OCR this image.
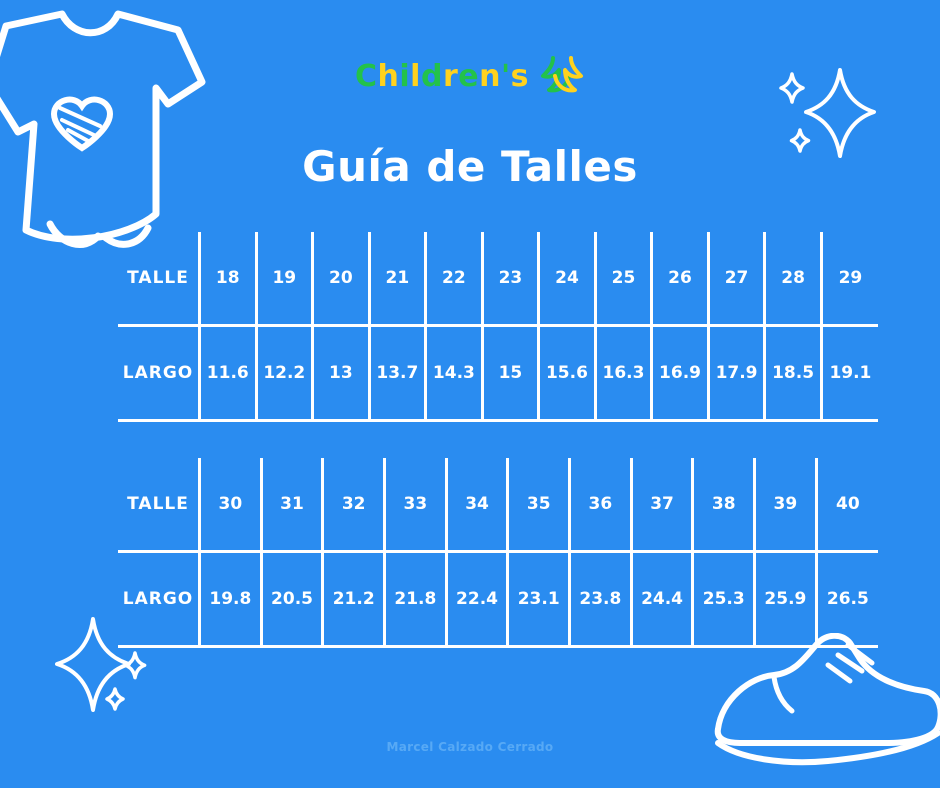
Children's
Guía de Talles
TALLE	18	19	20	21	22	23	24	25	26	27	28	29
LARGO	11.6	12.2	13	13.7	14.3	15	15.6	16.3	16.9	17.9	18.5	19.1
TALLE	30	31	32	33	34	35	36	37	38	39	40
LARGO	19.8	20.5	21.2	21.8	22.4	23.1	23.8	24.4	25.3	25.9	26.5
Marcel Calzado Cerrado
